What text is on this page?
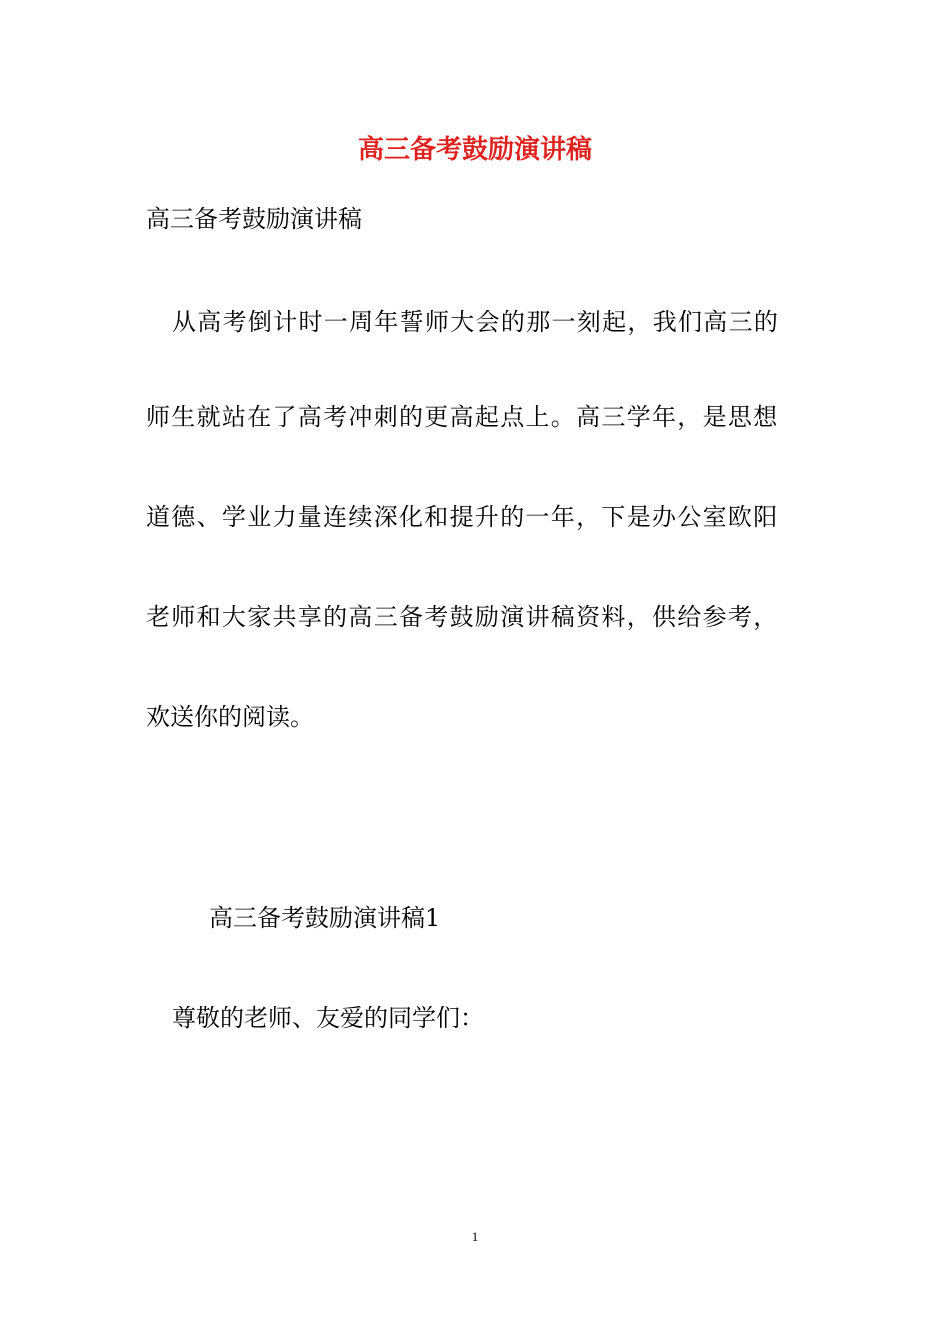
高三备考鼓励演讲稿
高三备考鼓励演讲稿
从高考倒计时一周年誓师大会的那一刻起，我们高三的
师生就站在了高考冲刺的更高起点上。高三学年，是思想
道德、学业力量连续深化和提升的一年，下是办公室欧阳
老师和大家共享的高三备考鼓励演讲稿资料，供给参考，
欢送你的阅读。
高三备考鼓励演讲稿1
尊敬的老师、友爱的同学们：
1
